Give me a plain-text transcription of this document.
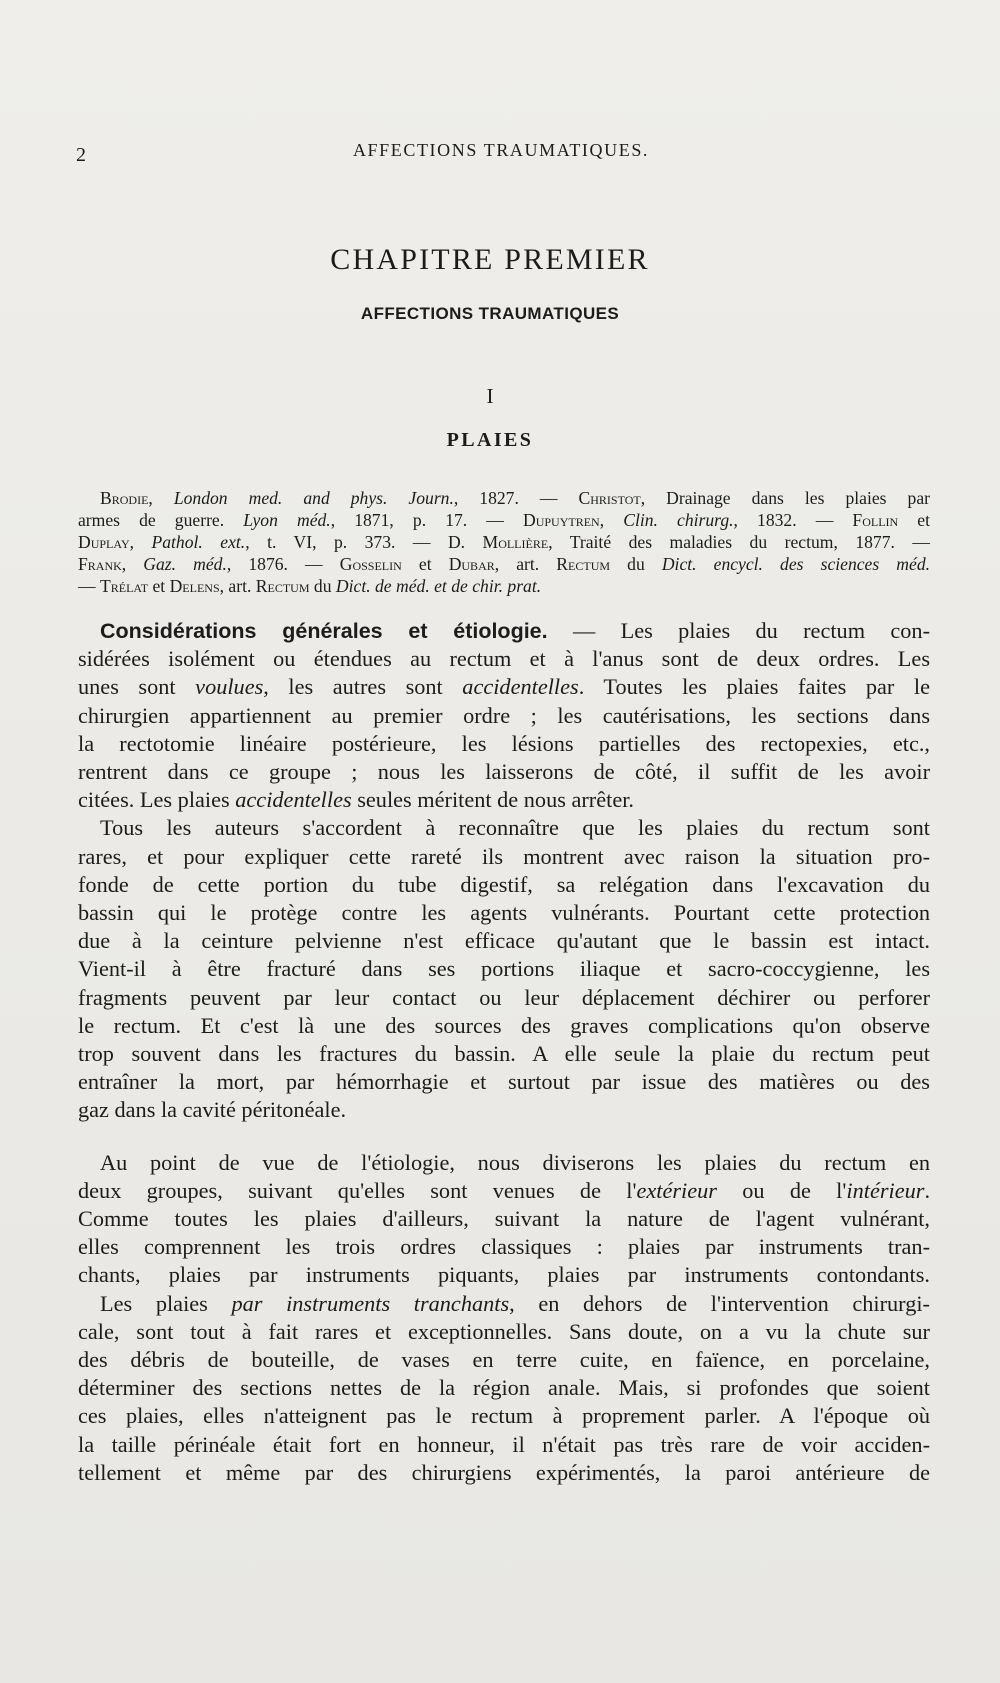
2	AFFECTIONS TRAUMATIQUES.
CHAPITRE PREMIER
AFFECTIONS TRAUMATIQUES
I
PLAIES
Brodie, London med. and phys. Journ., 1827. — Christot, Drainage dans les plaies par
armes de guerre. Lyon méd., 1871, p. 17. — Dupuytren, Clin. chirurg., 1832. — Follin et
Duplay, Pathol. ext., t. VI, p. 373. — D. Mollière, Traité des maladies du rectum, 1877. —
Frank, Gaz. méd., 1876. — Gosselin et Dubar, art. Rectum du Dict. encycl. des sciences méd.
— Trélat et Delens, art. Rectum du Dict. de méd. et de chir. prat.
Considérations générales et étiologie. — Les plaies du rectum con-
sidérées isolément ou étendues au rectum et à l'anus sont de deux ordres. Les
unes sont voulues, les autres sont accidentelles. Toutes les plaies faites par le
chirurgien appartiennent au premier ordre ; les cautérisations, les sections dans
la rectotomie linéaire postérieure, les lésions partielles des rectopexies, etc.,
rentrent dans ce groupe ; nous les laisserons de côté, il suffit de les avoir
citées. Les plaies accidentelles seules méritent de nous arrêter.
Tous les auteurs s'accordent à reconnaître que les plaies du rectum sont
rares, et pour expliquer cette rareté ils montrent avec raison la situation pro-
fonde de cette portion du tube digestif, sa relégation dans l'excavation du
bassin qui le protège contre les agents vulnérants. Pourtant cette protection
due à la ceinture pelvienne n'est efficace qu'autant que le bassin est intact.
Vient-il à être fracturé dans ses portions iliaque et sacro-coccygienne, les
fragments peuvent par leur contact ou leur déplacement déchirer ou perforer
le rectum. Et c'est là une des sources des graves complications qu'on observe
trop souvent dans les fractures du bassin. A elle seule la plaie du rectum peut
entraîner la mort, par hémorrhagie et surtout par issue des matières ou des
gaz dans la cavité péritonéale.
Au point de vue de l'étiologie, nous diviserons les plaies du rectum en
deux groupes, suivant qu'elles sont venues de l'extérieur ou de l'intérieur.
Comme toutes les plaies d'ailleurs, suivant la nature de l'agent vulnérant,
elles comprennent les trois ordres classiques : plaies par instruments tran-
chants, plaies par instruments piquants, plaies par instruments contondants.
Les plaies par instruments tranchants, en dehors de l'intervention chirurgi-
cale, sont tout à fait rares et exceptionnelles. Sans doute, on a vu la chute sur
des débris de bouteille, de vases en terre cuite, en faïence, en porcelaine,
déterminer des sections nettes de la région anale. Mais, si profondes que soient
ces plaies, elles n'atteignent pas le rectum à proprement parler. A l'époque où
la taille périnéale était fort en honneur, il n'était pas très rare de voir acciden-
tellement et même par des chirurgiens expérimentés, la paroi antérieure de
